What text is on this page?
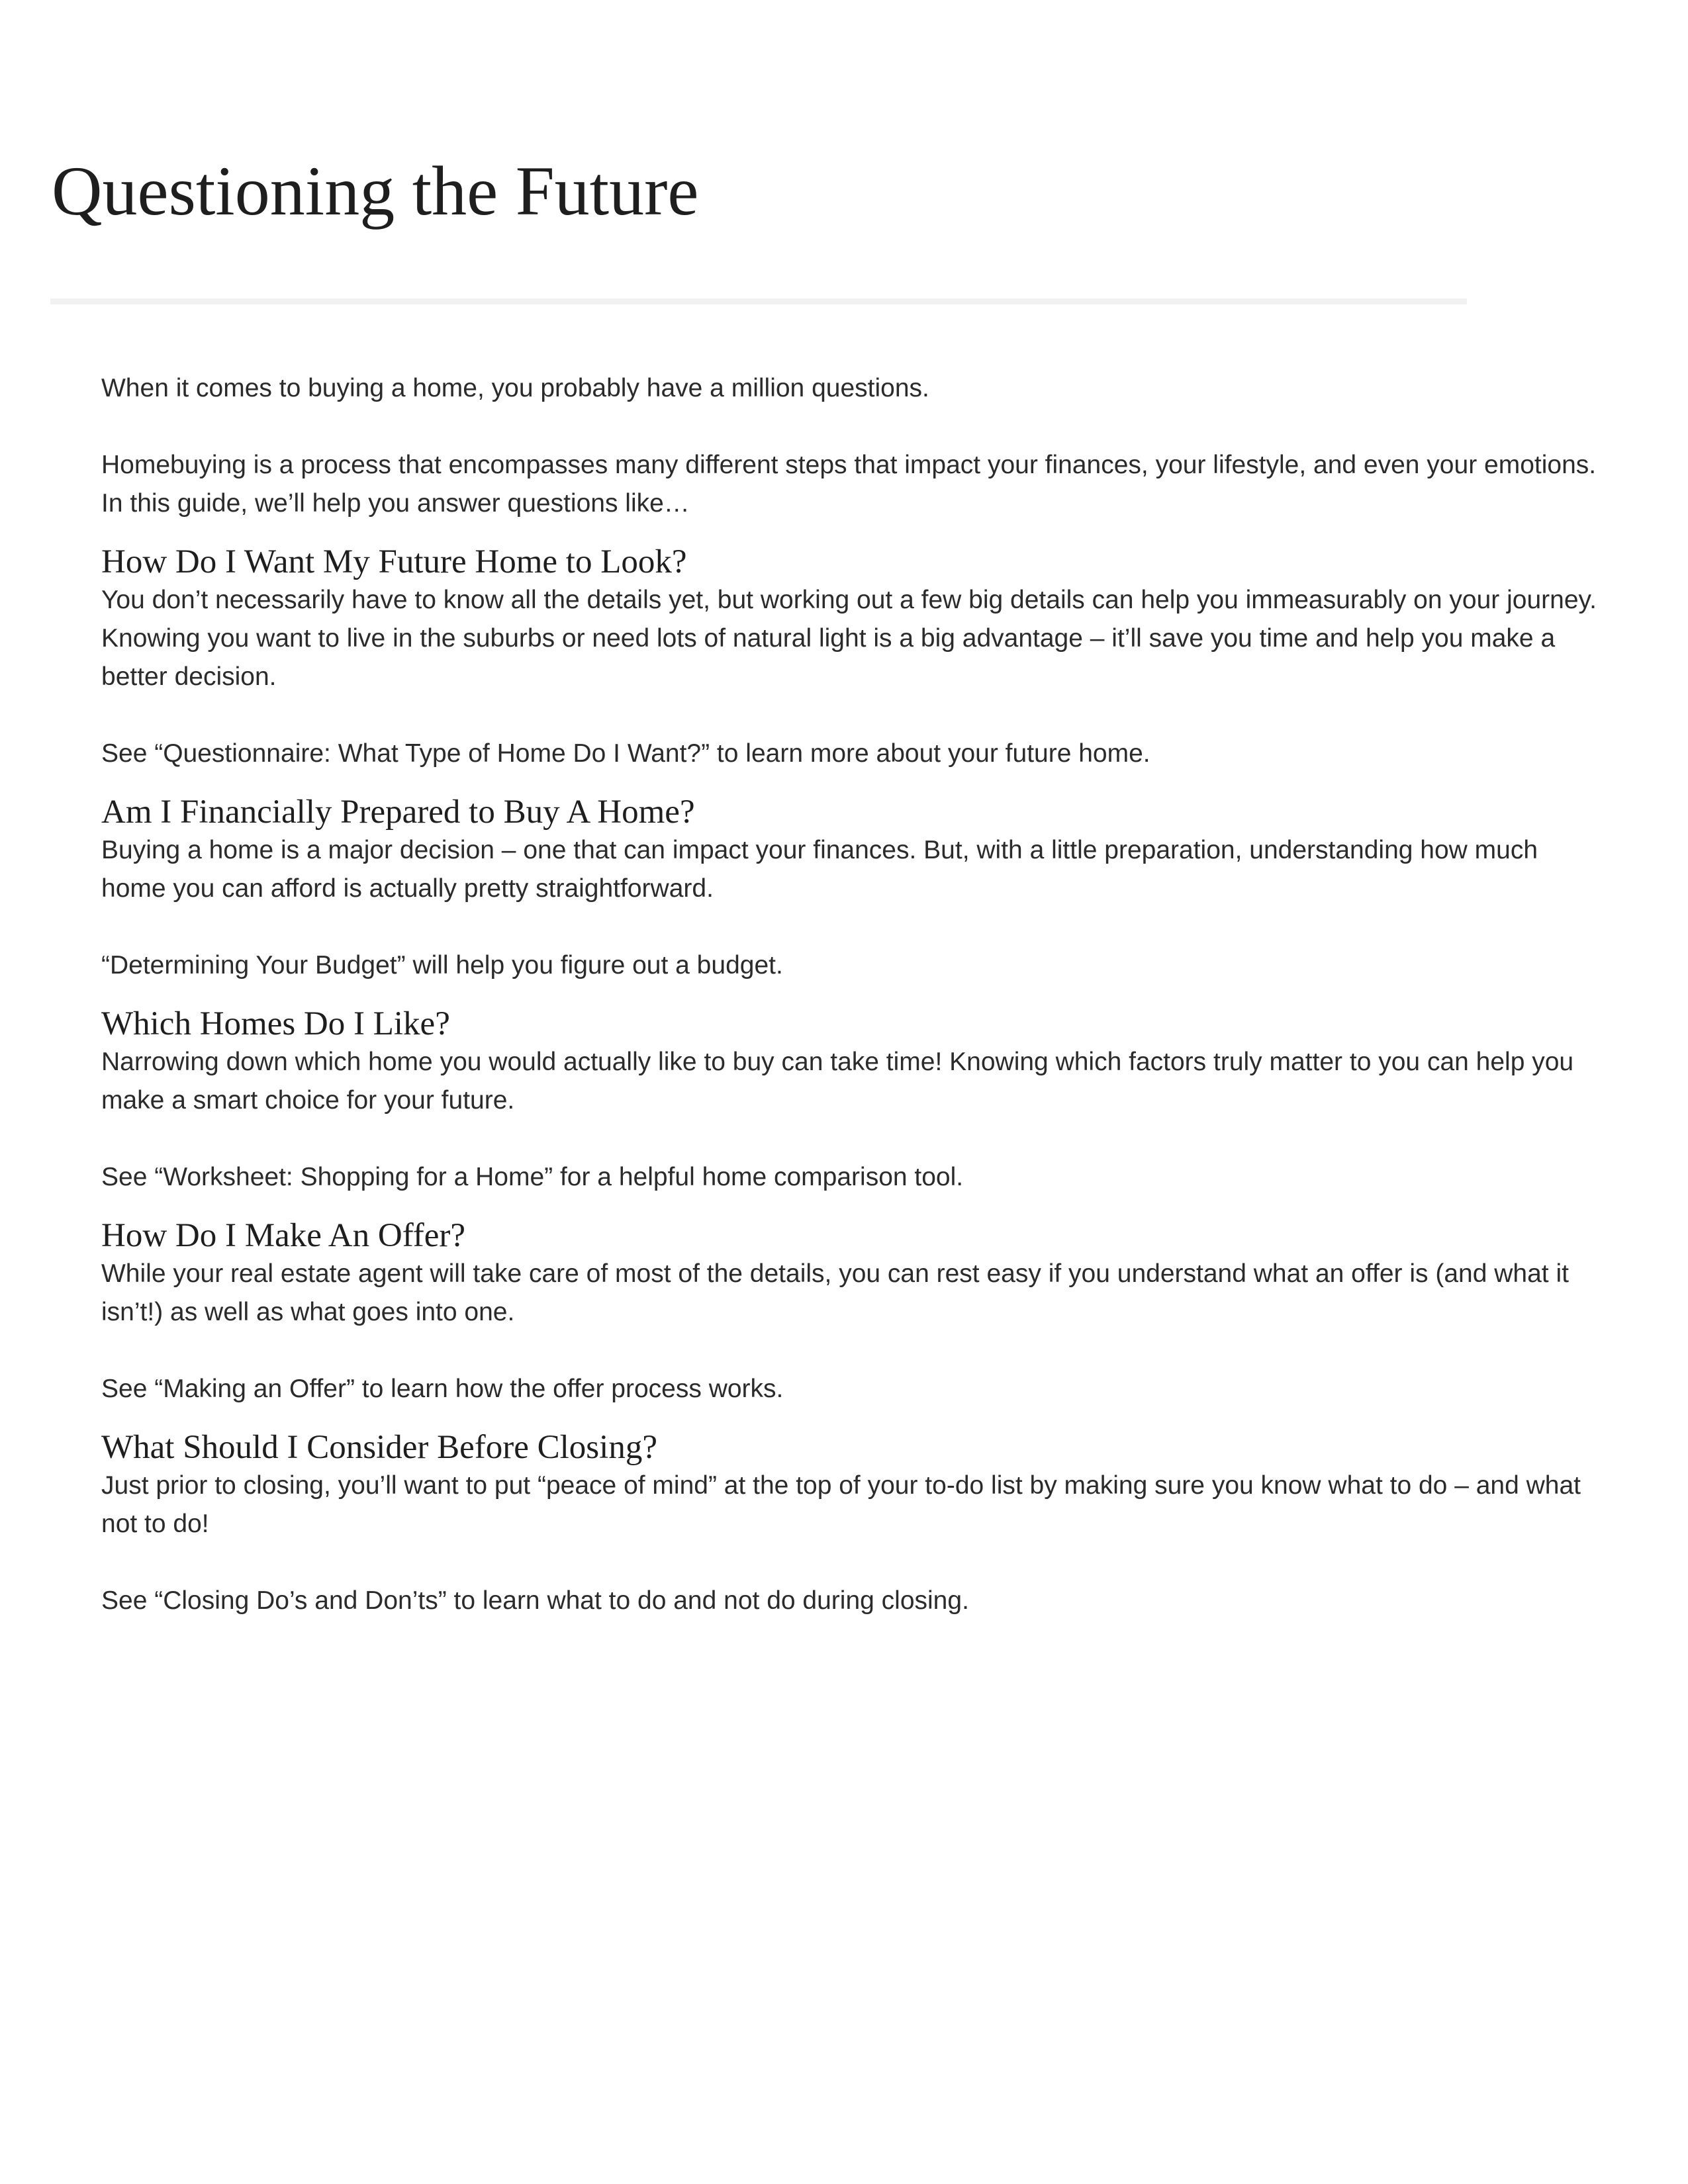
Questioning the Future

When it comes to buying a home, you probably have a million questions.

Homebuying is a process that encompasses many different steps that impact your finances, your lifestyle, and even your emotions. In this guide, we’ll help you answer questions like…

How Do I Want My Future Home to Look?

You don’t necessarily have to know all the details yet, but working out a few big details can help you immeasurably on your journey. Knowing you want to live in the suburbs or need lots of natural light is a big advantage – it’ll save you time and help you make a better decision.

See “Questionnaire: What Type of Home Do I Want?” to learn more about your future home.

Am I Financially Prepared to Buy A Home?

Buying a home is a major decision – one that can impact your finances. But, with a little preparation, understanding how much home you can afford is actually pretty straightforward.

“Determining Your Budget” will help you figure out a budget.

Which Homes Do I Like?

Narrowing down which home you would actually like to buy can take time! Knowing which factors truly matter to you can help you make a smart choice for your future.

See “Worksheet: Shopping for a Home” for a helpful home comparison tool.

How Do I Make An Offer?

While your real estate agent will take care of most of the details, you can rest easy if you understand what an offer is (and what it isn’t!) as well as what goes into one.

See “Making an Offer” to learn how the offer process works.

What Should I Consider Before Closing?

Just prior to closing, you’ll want to put “peace of mind” at the top of your to-do list by making sure you know what to do – and what not to do!

See “Closing Do’s and Don’ts” to learn what to do and not do during closing.
